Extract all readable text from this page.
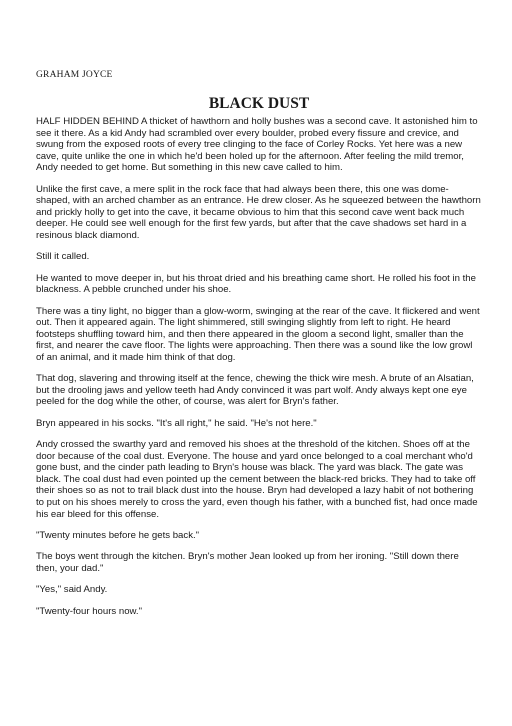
GRAHAM JOYCE
BLACK DUST

HALF HIDDEN BEHIND A thicket of hawthorn and holly bushes was a second cave. It astonished him to see it there. As a kid Andy had scrambled over every boulder, probed every fissure and crevice, and swung from the exposed roots of every tree clinging to the face of Corley Rocks. Yet here was a new cave, quite unlike the one in which he'd been holed up for the afternoon. After feeling the mild tremor, Andy needed to get home. But something in this new cave called to him.

Unlike the first cave, a mere split in the rock face that had always been there, this one was dome-shaped, with an arched chamber as an entrance. He drew closer. As he squeezed between the hawthorn and prickly holly to get into the cave, it became obvious to him that this second cave went back much deeper. He could see well enough for the first few yards, but after that the cave shadows set hard in a resinous black diamond.

Still it called.

He wanted to move deeper in, but his throat dried and his breathing came short. He rolled his foot in the blackness. A pebble crunched under his shoe.

There was a tiny light, no bigger than a glow-worm, swinging at the rear of the cave. It flickered and went out. Then it appeared again. The light shimmered, still swinging slightly from left to right. He heard footsteps shuffling toward him, and then there appeared in the gloom a second light, smaller than the first, and nearer the cave floor. The lights were approaching. Then there was a sound like the low growl of an animal, and it made him think of that dog.

That dog, slavering and throwing itself at the fence, chewing the thick wire mesh. A brute of an Alsatian, but the drooling jaws and yellow teeth had Andy convinced it was part wolf. Andy always kept one eye peeled for the dog while the other, of course, was alert for Bryn's father.

Bryn appeared in his socks. "It's all right," he said. "He's not here."

Andy crossed the swarthy yard and removed his shoes at the threshold of the kitchen. Shoes off at the door because of the coal dust. Everyone. The house and yard once belonged to a coal merchant who'd gone bust, and the cinder path leading to Bryn's house was black. The yard was black. The gate was black. The coal dust had even pointed up the cement between the black-red bricks. They had to take off their shoes so as not to trail black dust into the house. Bryn had developed a lazy habit of not bothering to put on his shoes merely to cross the yard, even though his father, with a bunched fist, had once made his ear bleed for this offense.

"Twenty minutes before he gets back."

The boys went through the kitchen. Bryn's mother Jean looked up from her ironing. "Still down there then, your dad."

"Yes," said Andy.

"Twenty-four hours now."
